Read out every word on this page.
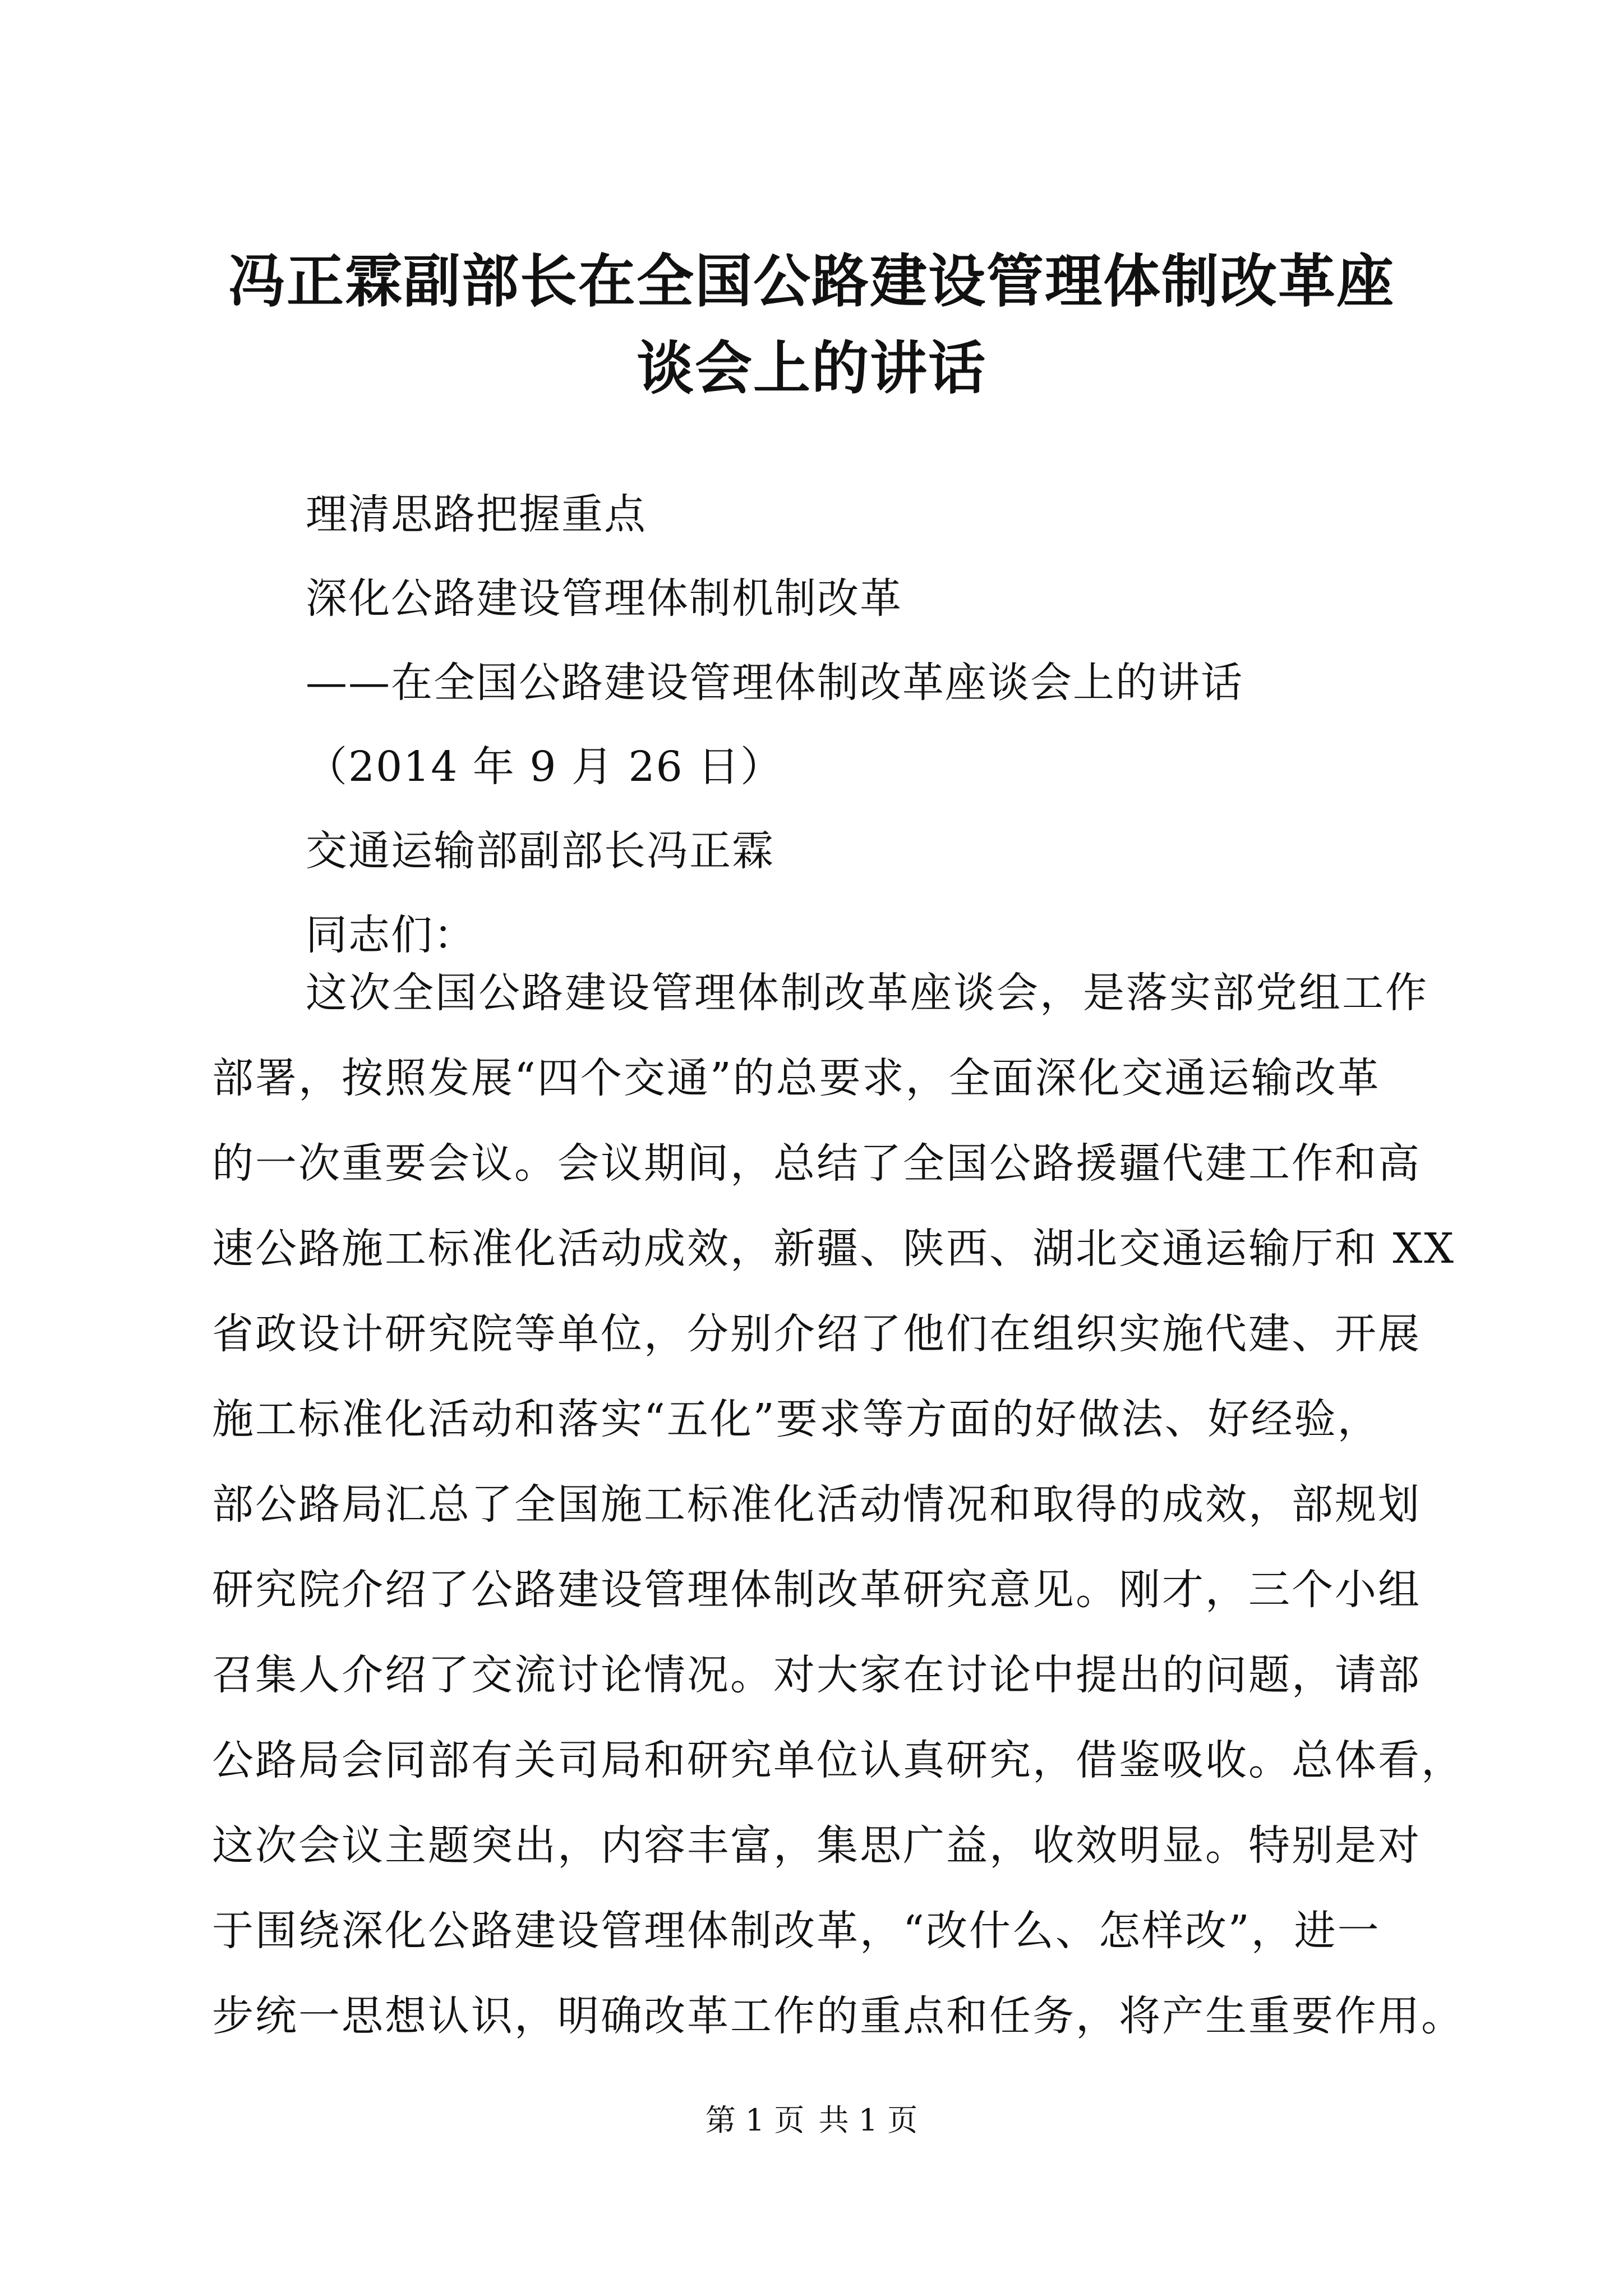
冯正霖副部长在全国公路建设管理体制改革座
谈会上的讲话
理清思路把握重点
深化公路建设管理体制机制改革
——在全国公路建设管理体制改革座谈会上的讲话
（2014 年 9 月 26 日）
交通运输部副部长冯正霖
同志们：
这次全国公路建设管理体制改革座谈会，是落实部党组工作
部署，按照发展“四个交通”的总要求，全面深化交通运输改革
的一次重要会议。会议期间，总结了全国公路援疆代建工作和高
速公路施工标准化活动成效，新疆、陕西、湖北交通运输厅和 XX
省政设计研究院等单位，分别介绍了他们在组织实施代建、开展
施工标准化活动和落实“五化”要求等方面的好做法、好经验，
部公路局汇总了全国施工标准化活动情况和取得的成效，部规划
研究院介绍了公路建设管理体制改革研究意见。刚才，三个小组
召集人介绍了交流讨论情况。对大家在讨论中提出的问题，请部
公路局会同部有关司局和研究单位认真研究，借鉴吸收。总体看，
这次会议主题突出，内容丰富，集思广益，收效明显。特别是对
于围绕深化公路建设管理体制改革，“改什么、怎样改”，进一
步统一思想认识，明确改革工作的重点和任务，将产生重要作用。
第 1 页 共 1 页
